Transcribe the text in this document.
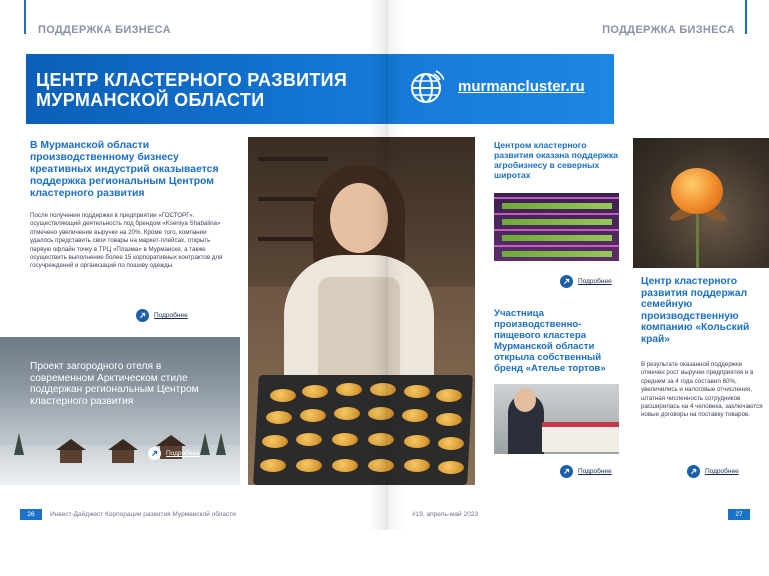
ПОДДЕРЖКА БИЗНЕСА	ПОДДЕРЖКА БИЗНЕСА
ЦЕНТР КЛАСТЕРНОГО РАЗВИТИЯ МУРМАНСКОЙ ОБЛАСТИ
murmancluster.ru
В Мурманской области производственному бизнесу креативных индустрий оказывается поддержка региональным Центром кластерного развития
После получения поддержки в предприятии «ГОСТОРГ», осуществляющий деятельность под брендом «Kseniya Shabalina» отмечено увеличение выручки на 20%. Кроме того, компании удалось представить свои товары на маркет-плейсах, открыть первую офлайн точку в ТРЦ «Плазма» в Мурманске, а также осуществить выполнение более 15 корпоративных контрактов для госучреждений и организаций по пошиву одежды.
Подробнее
Проект загородного отеля в современном Арктическом стиле поддержан региональным Центром кластерного развития
Подробнее
Центром кластерного развития оказана поддержка агробизнесу в северных широтах
Подробнее
Участница производственно-пищевого кластера Мурманской области открыла собственный бренд «Ателье тортов»
Подробнее
Центр кластерного развития поддержал семейную производственную компанию «Кольский край»
В результате оказанной поддержки отмечен рост выручки предприятия и в среднем за 4 года составил 60%, увеличились и налоговые отчисления, штатная численность сотрудников расширилась на 4 человека, заключаются новые договоры на поставку товаров.
Подробнее
26	Инвест-Дайджест Корпорации развития Мурманской области	#19, апрель-май 2023	27
